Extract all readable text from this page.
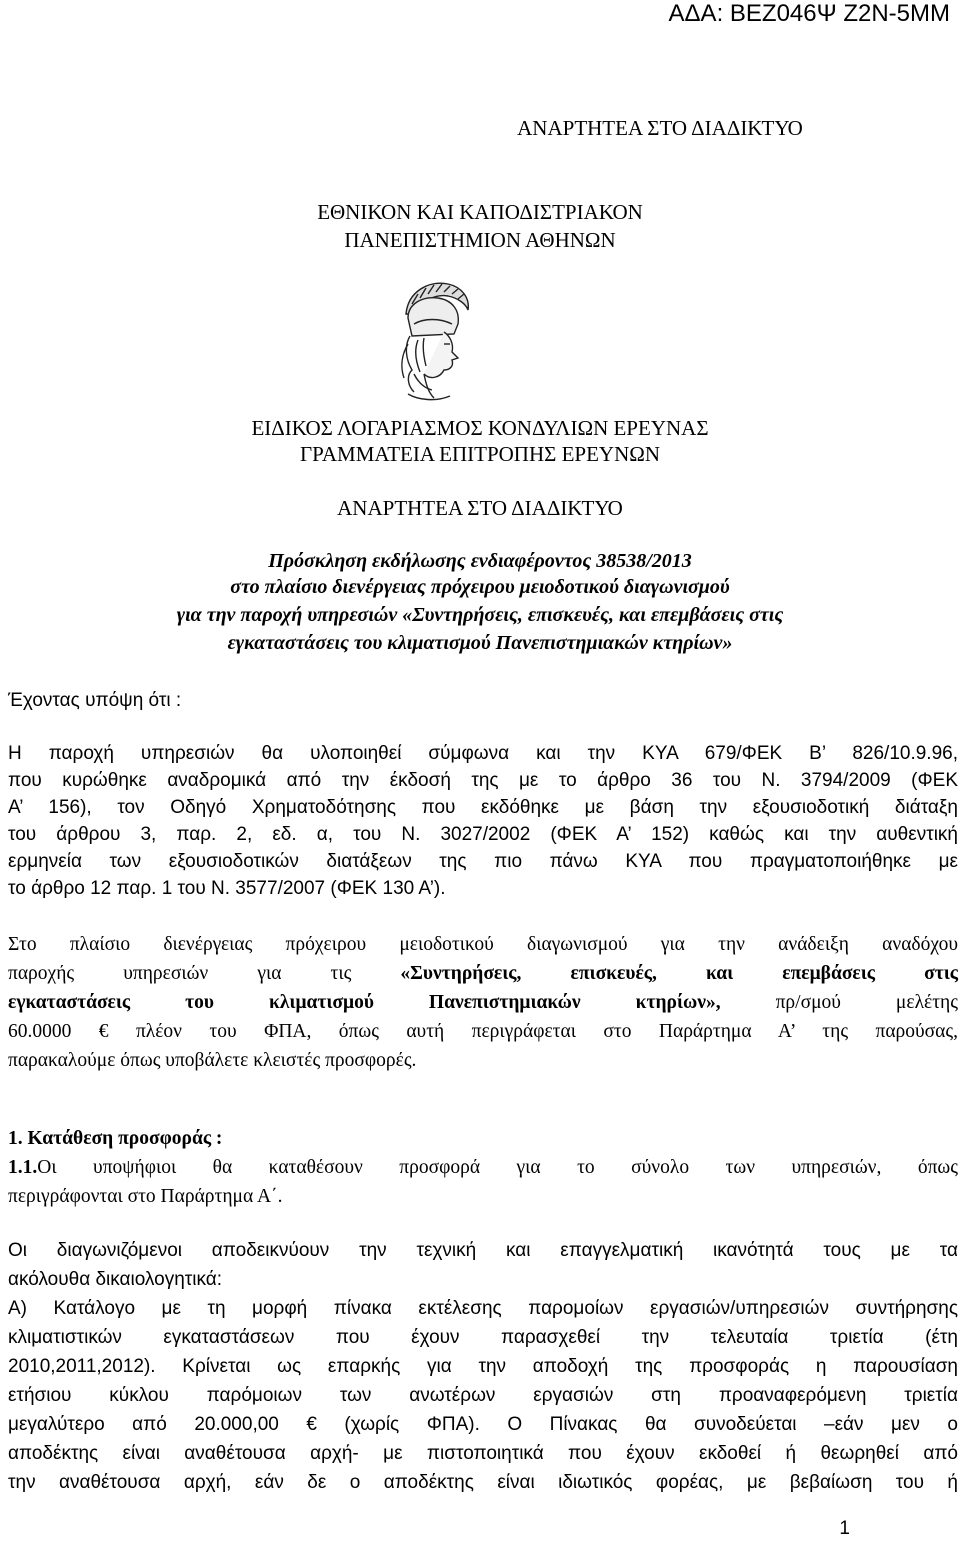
ΑΔΑ: ΒΕΖ046Ψ Ζ2Ν-5ΜΜ
ΑΝΑΡΤΗΤΕΑ ΣΤΟ ΔΙΑΔΙΚΤΥΟ
ΕΘΝΙΚΟΝ ΚΑΙ ΚΑΠΟΔΙΣΤΡΙΑΚΟΝ
ΠΑΝΕΠΙΣΤΗΜΙΟΝ ΑΘΗΝΩΝ
ΕΙΔΙΚΟΣ ΛΟΓΑΡΙΑΣΜΟΣ ΚΟΝΔΥΛΙΩΝ ΕΡΕΥΝΑΣ
ΓΡΑΜΜΑΤΕΙΑ ΕΠΙΤΡΟΠΗΣ ΕΡΕΥΝΩΝ
ΑΝΑΡΤΗΤΕΑ ΣΤΟ ΔΙΑΔΙΚΤΥΟ
Πρόσκληση εκδήλωσης ενδιαφέροντος 38538/2013
στο πλαίσιο διενέργειας πρόχειρου μειοδοτικού διαγωνισμού
για την παροχή υπηρεσιών «Συντηρήσεις, επισκευές, και επεμβάσεις στις
εγκαταστάσεις του κλιματισμού Πανεπιστημιακών κτηρίων»
Έχοντας υπόψη ότι :
Η παροχή υπηρεσιών θα υλοποιηθεί σύμφωνα και την ΚΥΑ 679/ΦΕΚ Β’ 826/10.9.96,
που κυρώθηκε αναδρομικά από την έκδοσή της με το άρθρο 36 του Ν. 3794/2009 (ΦΕΚ
Α’ 156), τον Οδηγό Χρηματοδότησης που εκδόθηκε με βάση την εξουσιοδοτική διάταξη
του άρθρου 3, παρ. 2, εδ. α, του Ν. 3027/2002 (ΦΕΚ Α’ 152) καθώς και την αυθεντική
ερμηνεία των εξουσιοδοτικών διατάξεων της πιο πάνω ΚΥΑ που πραγματοποιήθηκε με
το άρθρο 12 παρ. 1 του Ν. 3577/2007 (ΦΕΚ 130 Α’).
Στο πλαίσιο διενέργειας πρόχειρου μειοδοτικού διαγωνισμού για την ανάδειξη αναδόχου
παροχής υπηρεσιών για τις «Συντηρήσεις, επισκευές, και επεμβάσεις στις
εγκαταστάσεις του κλιματισμού Πανεπιστημιακών κτηρίων», πρ/σμού μελέτης
60.0000 € πλέον του ΦΠΑ, όπως αυτή περιγράφεται στο Παράρτημα Α’ της παρούσας,
παρακαλούμε όπως υποβάλετε κλειστές προσφορές.
1. Κατάθεση προσφοράς :
1.1.Οι υποψήφιοι θα καταθέσουν προσφορά για το σύνολο των υπηρεσιών, όπως
περιγράφονται στο Παράρτημα Α΄.
Οι διαγωνιζόμενοι αποδεικνύουν την τεχνική και επαγγελματική ικανότητά τους με τα
ακόλουθα δικαιολογητικά:
Α) Κατάλογο με τη μορφή πίνακα εκτέλεσης παρομοίων εργασιών/υπηρεσιών συντήρησης
κλιματιστικών εγκαταστάσεων που έχουν παρασχεθεί την τελευταία τριετία (έτη
2010,2011,2012). Κρίνεται ως επαρκής για την αποδοχή της προσφοράς η παρουσίαση
ετήσιου κύκλου παρόμοιων των ανωτέρων εργασιών στη προαναφερόμενη τριετία
μεγαλύτερο από 20.000,00 € (χωρίς ΦΠΑ). Ο Πίνακας θα συνοδεύεται –εάν μεν ο
αποδέκτης είναι αναθέτουσα αρχή- με πιστοποιητικά που έχουν εκδοθεί ή θεωρηθεί από
την αναθέτουσα αρχή, εάν δε ο αποδέκτης είναι ιδιωτικός φορέας, με βεβαίωση του ή
1
